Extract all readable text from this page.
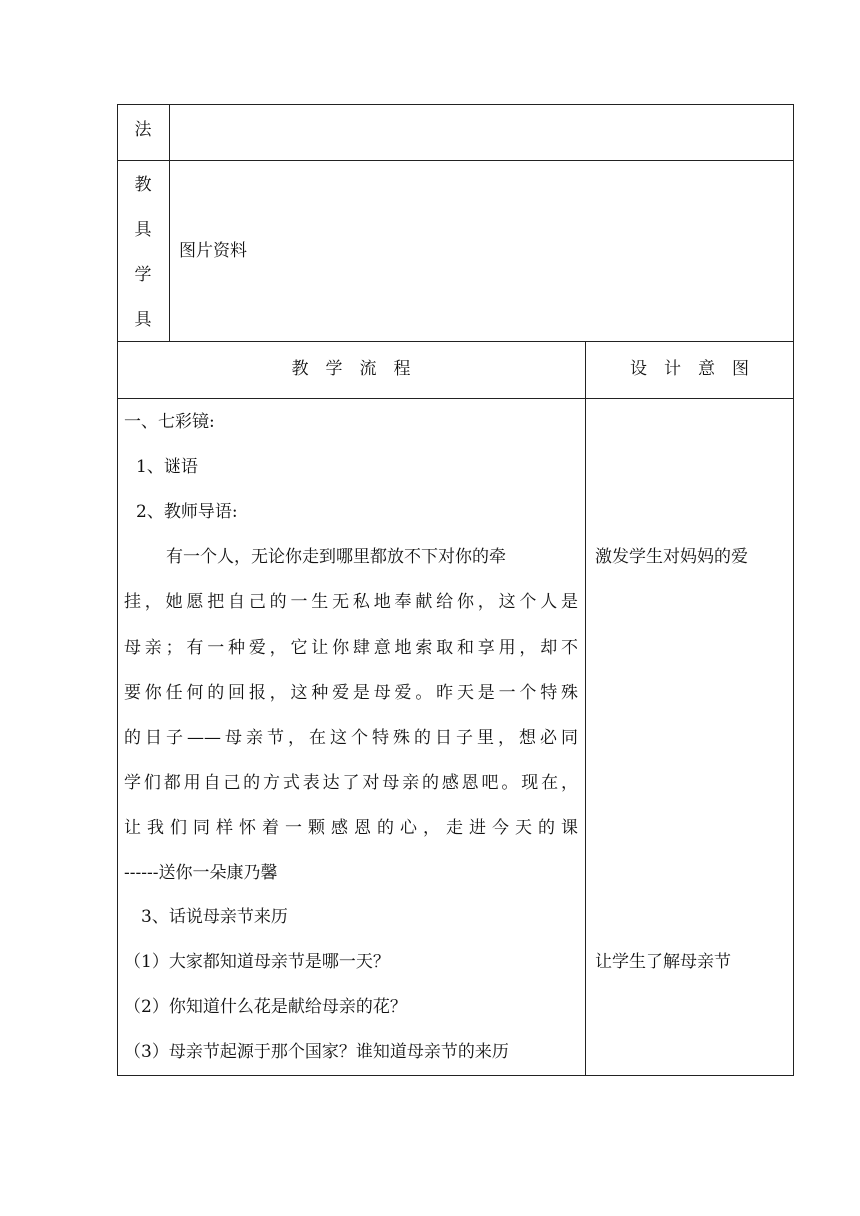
法
教
具
学
具
图片资料
教　学　流　程	设　计　意　图
一、七彩镜:
1、谜语
2、教师导语:
有一个人，无论你走到哪里都放不下对你的牵
挂，她愿把自己的一生无私地奉献给你，这个人是
母亲；有一种爱，它让你肆意地索取和享用，却不
要你任何的回报，这种爱是母爱。昨天是一个特殊
的日子——母亲节，在这个特殊的日子里，想必同
学们都用自己的方式表达了对母亲的感恩吧。现在，
让我们同样怀着一颗感恩的心，走进今天的课
------送你一朵康乃馨
3、话说母亲节来历
（1）大家都知道母亲节是哪一天？
（2）你知道什么花是献给母亲的花？
（3）母亲节起源于那个国家？谁知道母亲节的来历
激发学生对妈妈的爱
让学生了解母亲节
